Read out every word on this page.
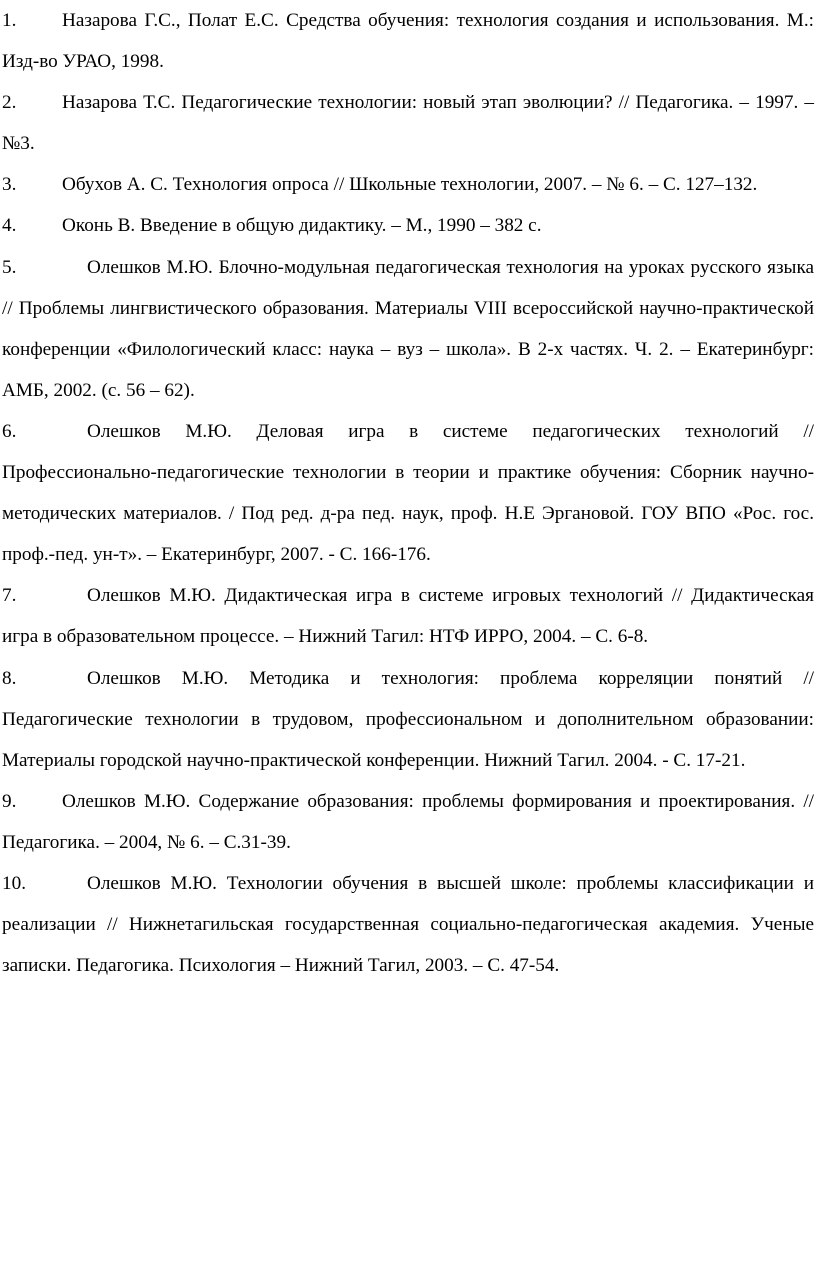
1. Назарова Г.С., Полат Е.С. Средства обучения: технология создания и использования. М.: Изд-во УРАО, 1998.
2. Назарова Т.С. Педагогические технологии: новый этап эволюции? // Педагогика. – 1997. – №3.
3. Обухов А. С. Технология опроса // Школьные технологии, 2007. – № 6. – С. 127–132.
4. Оконь В. Введение в общую дидактику. – М., 1990 – 382 с.
5.	Олешков М.Ю. Блочно-модульная педагогическая технология на уроках русского языка // Проблемы лингвистического образования. Материалы VIII всероссийской научно-практической конференции «Филологический класс: наука – вуз – школа». В 2-х частях. Ч. 2. – Екатеринбург: АМБ, 2002. (с. 56 – 62).
6.	Олешков М.Ю. Деловая игра в системе педагогических технологий // Профессионально-педагогические технологии в теории и практике обучения: Сборник научно-методических материалов. / Под ред. д-ра пед. наук, проф. Н.Е Эргановой. ГОУ ВПО «Рос. гос. проф.-пед. ун-т». – Екатеринбург, 2007. - С. 166-176.
7.	Олешков М.Ю. Дидактическая игра в системе игровых технологий // Дидактическая игра в образовательном процессе. – Нижний Тагил: НТФ ИРРО, 2004. – С. 6-8.
8.	Олешков М.Ю. Методика и технология: проблема корреляции понятий // Педагогические технологии в трудовом, профессиональном и дополнительном образовании: Материалы городской научно-практической конференции. Нижний Тагил. 2004. - С. 17-21.
9. Олешков М.Ю. Содержание образования: проблемы формирования и проектирования. // Педагогика. – 2004, № 6. – С.31-39.
10.	Олешков М.Ю. Технологии обучения в высшей школе: проблемы классификации и реализации // Нижнетагильская государственная социально-педагогическая академия. Ученые записки. Педагогика. Психология – Нижний Тагил, 2003. – С. 47-54.
